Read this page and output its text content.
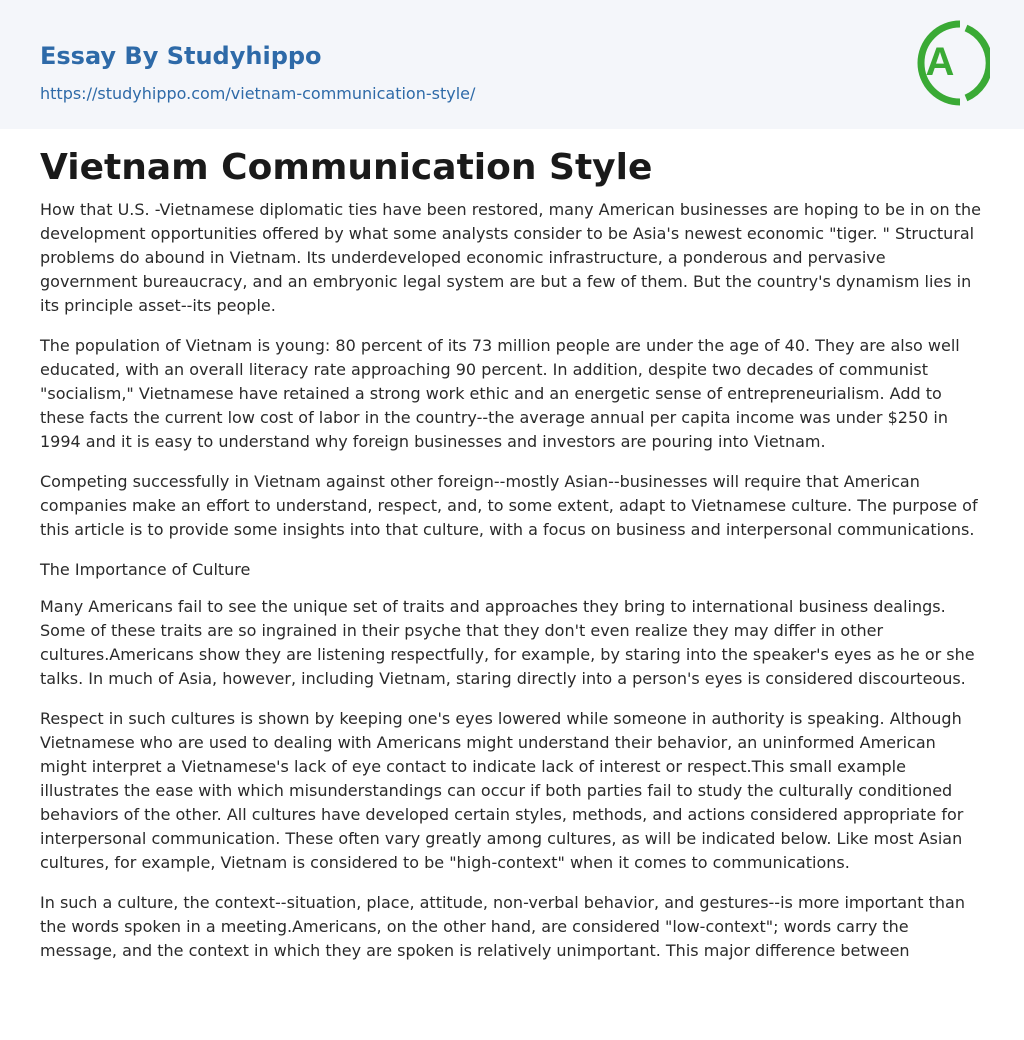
Essay By Studyhippo
https://studyhippo.com/vietnam-communication-style/
A
Vietnam Communication Style

How that U.S. -Vietnamese diplomatic ties have been restored, many American businesses are hoping to be in on the development opportunities offered by what some analysts consider to be Asia's newest economic "tiger. " Structural problems do abound in Vietnam. Its underdeveloped economic infrastructure, a ponderous and pervasive government bureaucracy, and an embryonic legal system are but a few of them. But the country's dynamism lies in its principle asset--its people.

The population of Vietnam is young: 80 percent of its 73 million people are under the age of 40. They are also well educated, with an overall literacy rate approaching 90 percent. In addition, despite two decades of communist "socialism," Vietnamese have retained a strong work ethic and an energetic sense of entrepreneurialism. Add to these facts the current low cost of labor in the country--the average annual per capita income was under $250 in 1994 and it is easy to understand why foreign businesses and investors are pouring into Vietnam.

Competing successfully in Vietnam against other foreign--mostly Asian--businesses will require that American companies make an effort to understand, respect, and, to some extent, adapt to Vietnamese culture. The purpose of this article is to provide some insights into that culture, with a focus on business and interpersonal communications.

The Importance of Culture

Many Americans fail to see the unique set of traits and approaches they bring to international business dealings. Some of these traits are so ingrained in their psyche that they don't even realize they may differ in other cultures.Americans show they are listening respectfully, for example, by staring into the speaker's eyes as he or she talks. In much of Asia, however, including Vietnam, staring directly into a person's eyes is considered discourteous.

Respect in such cultures is shown by keeping one's eyes lowered while someone in authority is speaking. Although Vietnamese who are used to dealing with Americans might understand their behavior, an uninformed American might interpret a Vietnamese's lack of eye contact to indicate lack of interest or respect.This small example illustrates the ease with which misunderstandings can occur if both parties fail to study the culturally conditioned behaviors of the other. All cultures have developed certain styles, methods, and actions considered appropriate for interpersonal communication. These often vary greatly among cultures, as will be indicated below. Like most Asian cultures, for example, Vietnam is considered to be "high-context" when it comes to communications.

In such a culture, the context--situation, place, attitude, non-verbal behavior, and gestures--is more important than the words spoken in a meeting.Americans, on the other hand, are considered "low-context"; words carry the message, and the context in which they are spoken is relatively unimportant. This major difference between
